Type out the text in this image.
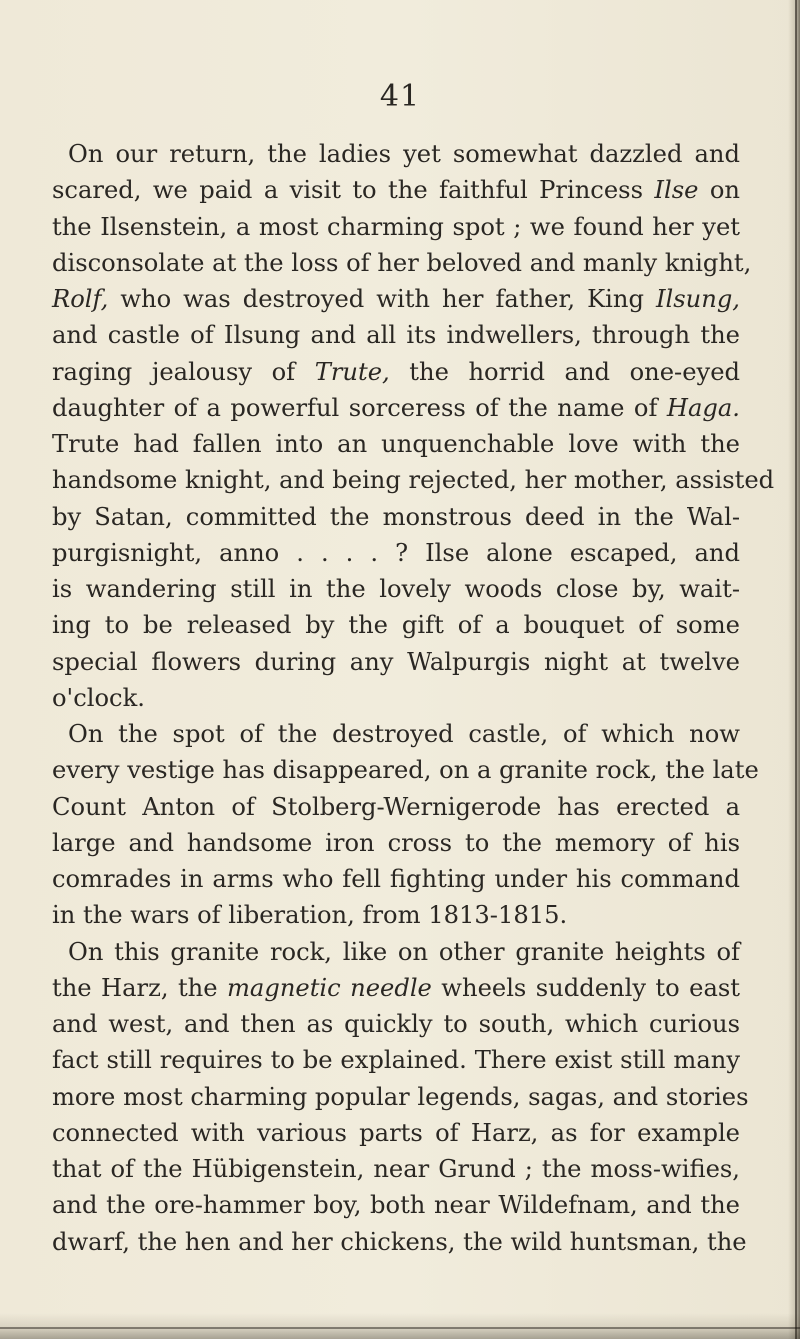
41
On our return, the ladies yet somewhat dazzled and
scared, we paid a visit to the faithful Princess Ilse on
the Ilsenstein, a most charming spot ; we found her yet
disconsolate at the loss of her beloved and manly knight,
Rolf, who was destroyed with her father, King Ilsung,
and castle of Ilsung and all its indwellers, through the
raging jealousy of Trute, the horrid and one-eyed
daughter of a powerful sorceress of the name of Haga.
Trute had fallen into an unquenchable love with the
handsome knight, and being rejected, her mother, assisted
by Satan, committed the monstrous deed in the Wal-
purgisnight, anno . . . . ? Ilse alone escaped, and
is wandering still in the lovely woods close by, wait-
ing to be released by the gift of a bouquet of some
special flowers during any Walpurgis night at twelve
o'clock.
On the spot of the destroyed castle, of which now
every vestige has disappeared, on a granite rock, the late
Count Anton of Stolberg-Wernigerode has erected a
large and handsome iron cross to the memory of his
comrades in arms who fell fighting under his command
in the wars of liberation, from 1813-1815.
On this granite rock, like on other granite heights of
the Harz, the magnetic needle wheels suddenly to east
and west, and then as quickly to south, which curious
fact still requires to be explained. There exist still many
more most charming popular legends, sagas, and stories
connected with various parts of Harz, as for example
that of the Hübigenstein, near Grund ; the moss-wifies,
and the ore-hammer boy, both near Wildefnam, and the
dwarf, the hen and her chickens, the wild huntsman, the
